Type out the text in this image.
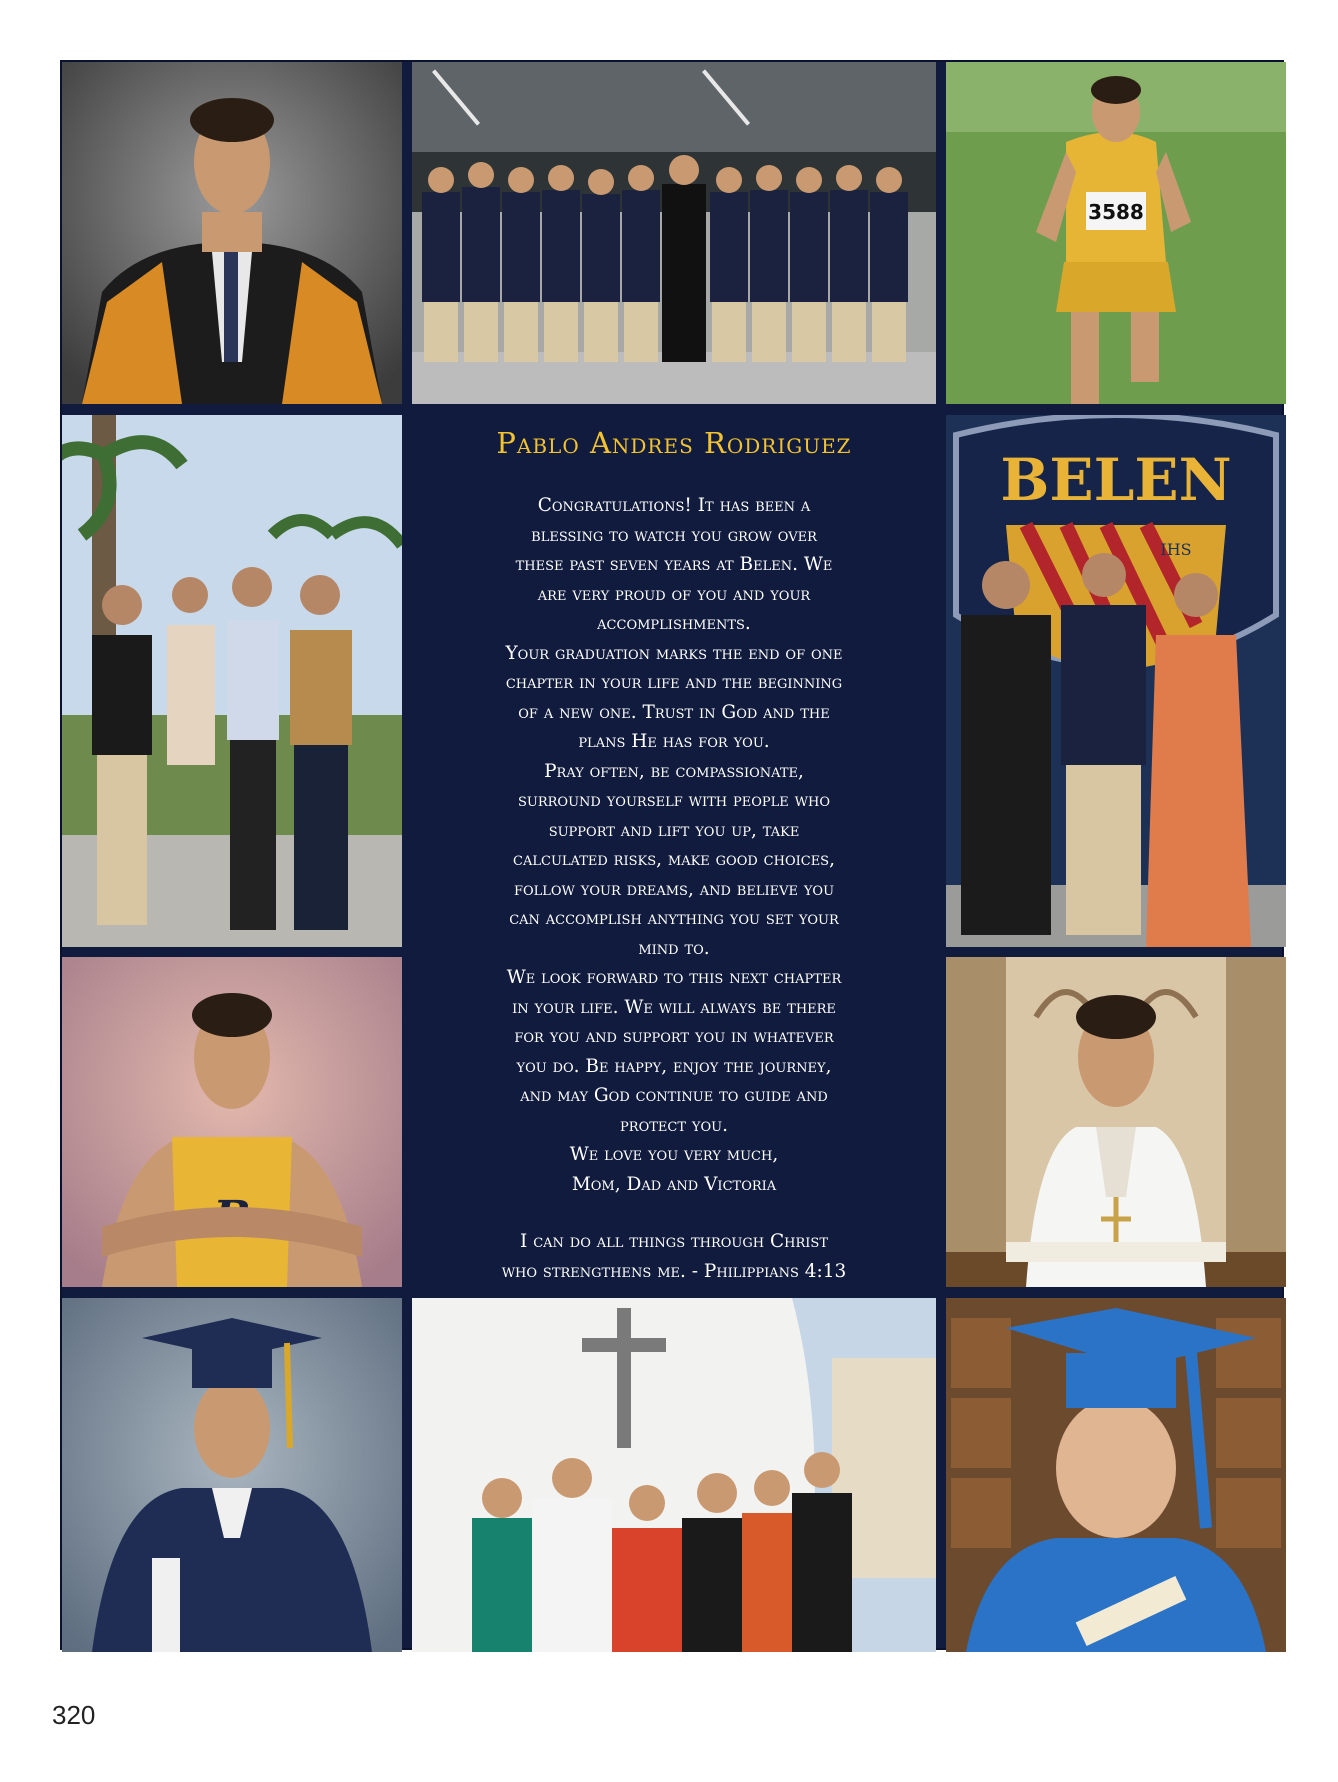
3588
Pablo Andres Rodriguez

Congratulations! It has been a
blessing to watch you grow over
these past seven years at Belen. We
are very proud of you and your
accomplishments.
Your graduation marks the end of one
chapter in your life and the beginning
of a new one. Trust in God and the
plans He has for you.
Pray often, be compassionate,
surround yourself with people who
support and lift you up, take
calculated risks, make good choices,
follow your dreams, and believe you
can accomplish anything you set your
mind to.
We look forward to this next chapter
in your life. We will always be there
for you and support you in whatever
you do. Be happy, enjoy the journey,
and may God continue to guide and
protect you.
We love you very much,
Mom, Dad and Victoria

I can do all things through Christ
who strengthens me. - Philippians 4:13

BELEN
IHS
320
